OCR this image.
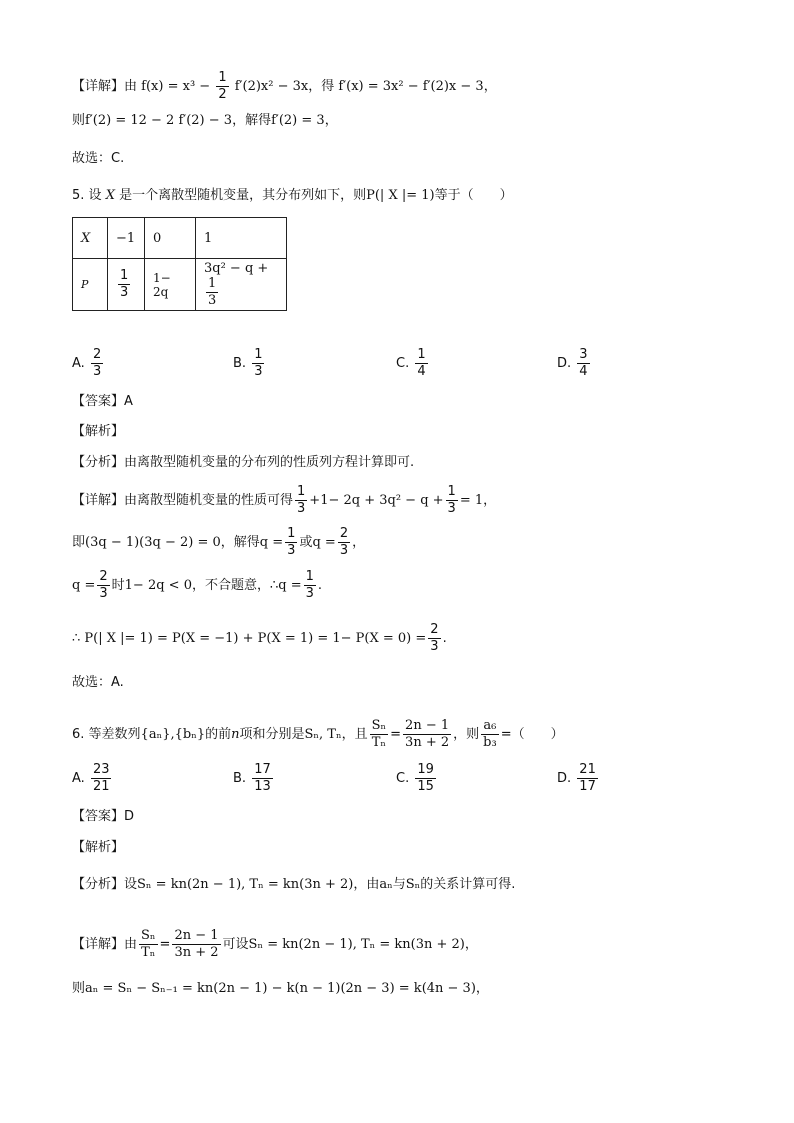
【详解】由 $f(x) = x^3 - \frac{1}{2} f'(2)x^2 - 3x$，得 f′(x) = 3x² − f′(2)x − 3，
则f′(2) = 12 − 2 f′(2) − 3，解得f′(2) = 3，
故选：C.
5. 设 X 是一个离散型随机变量，其分布列如下，则P(| X |= 1)等于（　　）
X	−1	0	1
P	$\frac{1}{3}$	1− 2q	3q² − q +
$\frac{1}{3}$
A. $\frac{2}{3}$	B. $\frac{1}{3}$	C. $\frac{1}{4}$	D. $\frac{3}{4}$
【答案】A
【解析】
【分析】由离散型随机变量的分布列的性质列方程计算即可.
【详解】由离散型随机变量的性质可得 $\frac{1}{3} +1- 2q + 3q^2 - q + \frac{1}{3} = 1$，
即(3q − 1)(3q − 2) = 0，解得$q = \frac{1}{3}$ 或$q = \frac{2}{3}$ ，
$q = \frac{2}{3}$ 时1− 2q < 0，不合题意，∴q = $\frac{1}{3}$ .
∴ P(| X |= $1) = P(X = -1) + P(X = 1) = 1- P(X = 0) = \frac{2}{3}$ .
故选：A.
6. 等差数列{aₙ},{bₙ}的前n项和分别是Sₙ, Tₙ，且 $\frac{\text{Sₙ}}{\text{Tₙ}} = \frac{2n - 1}{3n + 2}$ ，则 $\frac{\text{a₆}}{\text{b₃}}$ =（　　）
A. $\frac{23}{21}$	B. $\frac{17}{13}$	C. $\frac{19}{15}$	D. $\frac{21}{17}$
【答案】D
【解析】
【分析】设Sₙ = kn(2n − 1), Tₙ = kn(3n + 2)，由aₙ与Sₙ的关系计算可得.
【详解】由 $\frac{\text{Sₙ}}{\text{Tₙ}} = \frac{2n - 1}{3n + 2}$ 可设Sₙ = kn(2n − 1), Tₙ = kn(3n + 2)，
则aₙ = Sₙ − Sₙ₋₁ = kn(2n − 1) − k(n − 1)(2n − 3) = k(4n − 3)，
